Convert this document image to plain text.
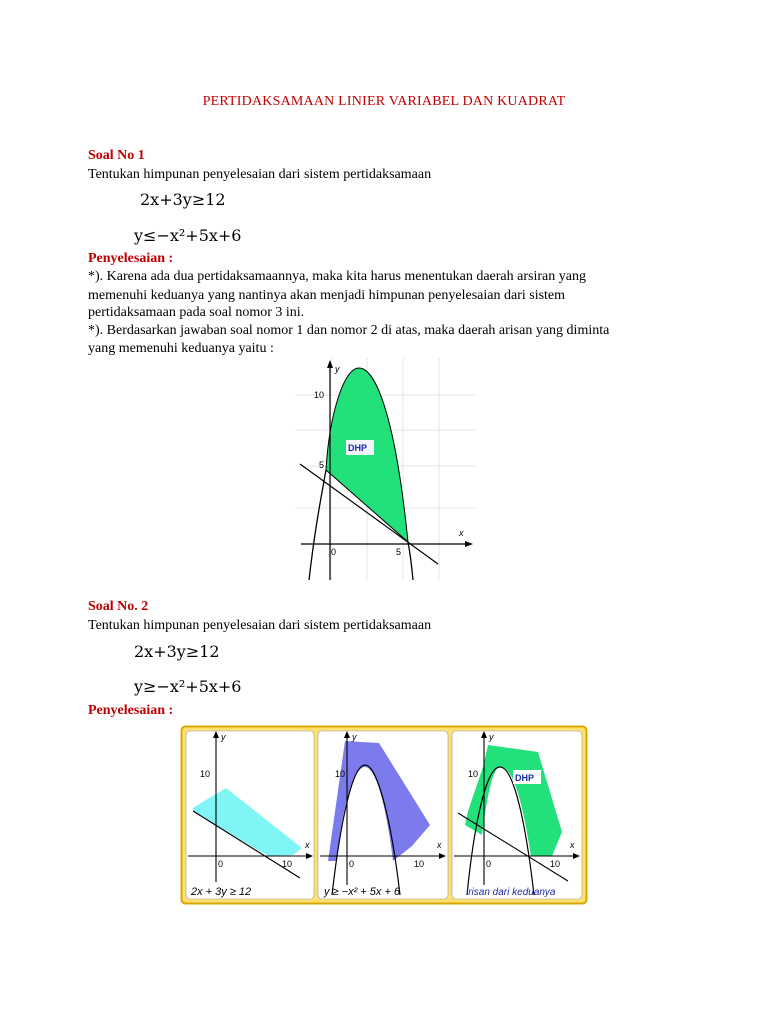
PERTIDAKSAMAAN LINIER VARIABEL DAN KUADRAT
Soal No 1
Tentukan himpunan penyelesaian dari sistem pertidaksamaan
2x+3y≥12
y≤−x²+5x+6
Penyelesaian :
*). Karena ada dua pertidaksamaannya, maka kita harus menentukan daerah arsiran yang
memenuhi keduanya yang nantinya akan menjadi himpunan penyelesaian dari sistem
pertidaksamaan pada soal nomor 3 ini.
*). Berdasarkan jawaban soal nomor 1 dan nomor 2 di atas, maka daerah arisan yang diminta
yang memenuhi keduanya yaitu :
y
x
10
5
0	5
DHP
Soal No. 2
Tentukan himpunan penyelesaian dari sistem pertidaksamaan
2x+3y≥12
y≥−x²+5x+6
Penyelesaian :
y
x
10
0	10
2x + 3y ≥ 12
y
x
10
0	10
y ≥ −x² + 5x + 6
y
x
10
0	10
DHP
irisan dari keduanya
